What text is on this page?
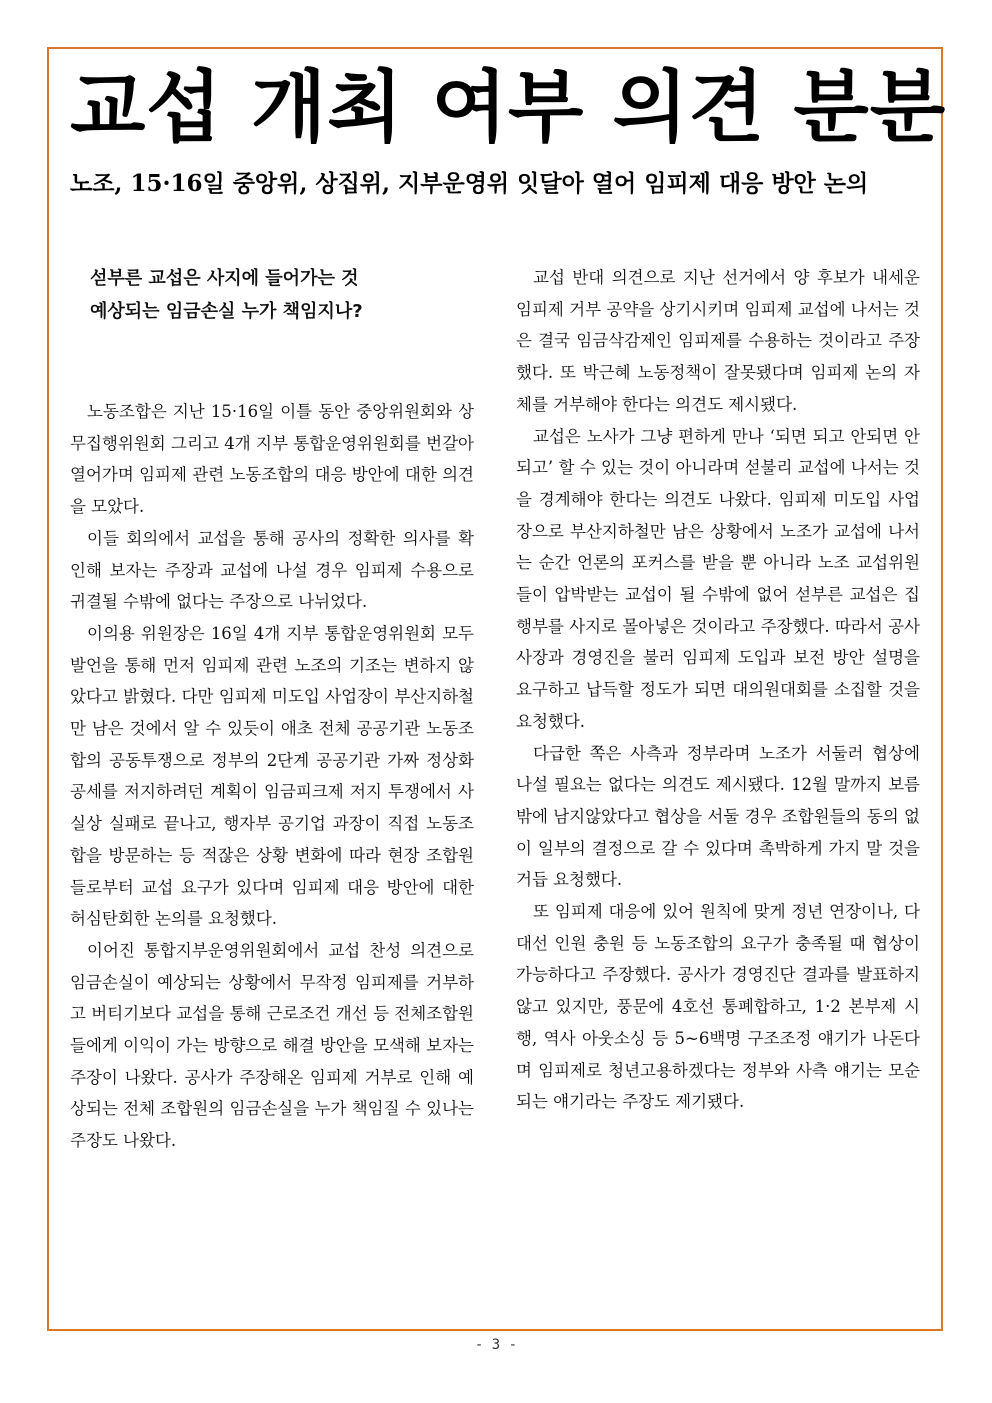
교섭 개최 여부 의견 분분
노조, 15·16일 중앙위, 상집위, 지부운영위 잇달아 열어 임피제 대응 방안 논의
섣부른 교섭은 사지에 들어가는 것
예상되는 임금손실 누가 책임지나?

노동조합은 지난 15·16일 이틀 동안 중앙위원회와 상무집행위원회 그리고 4개 지부 통합운영위원회를 번갈아 열어가며 임피제 관련 노동조합의 대응 방안에 대한 의견을 모았다.

이들 회의에서 교섭을 통해 공사의 정확한 의사를 확인해 보자는 주장과 교섭에 나설 경우 임피제 수용으로 귀결될 수밖에 없다는 주장으로 나뉘었다.

이의용 위원장은 16일 4개 지부 통합운영위원회 모두 발언을 통해 먼저 임피제 관련 노조의 기조는 변하지 않았다고 밝혔다. 다만 임피제 미도입 사업장이 부산지하철만 남은 것에서 알 수 있듯이 애초 전체 공공기관 노동조합의 공동투쟁으로 정부의 2단계 공공기관 가짜 정상화 공세를 저지하려던 계획이 임금피크제 저지 투쟁에서 사실상 실패로 끝나고, 행자부 공기업 과장이 직접 노동조합을 방문하는 등 적잖은 상황 변화에 따라 현장 조합원들로부터 교섭 요구가 있다며 임피제 대응 방안에 대한 허심탄회한 논의를 요청했다.

이어진 통합지부운영위원회에서 교섭 찬성 의견으로 임금손실이 예상되는 상황에서 무작정 임피제를 거부하고 버티기보다 교섭을 통해 근로조건 개선 등 전체조합원들에게 이익이 가는 방향으로 해결 방안을 모색해 보자는 주장이 나왔다. 공사가 주장해온 임피제 거부로 인해 예상되는 전체 조합원의 임금손실을 누가 책임질 수 있나는 주장도 나왔다.

교섭 반대 의견으로 지난 선거에서 양 후보가 내세운 임피제 거부 공약을 상기시키며 임피제 교섭에 나서는 것은 결국 임금삭감제인 임피제를 수용하는 것이라고 주장했다. 또 박근혜 노동정책이 잘못됐다며 임피제 논의 자체를 거부해야 한다는 의견도 제시됐다.

교섭은 노사가 그냥 편하게 만나 ‘되면 되고 안되면 안되고’ 할 수 있는 것이 아니라며 섣불리 교섭에 나서는 것을 경계해야 한다는 의견도 나왔다. 임피제 미도입 사업장으로 부산지하철만 남은 상황에서 노조가 교섭에 나서는 순간 언론의 포커스를 받을 뿐 아니라 노조 교섭위원들이 압박받는 교섭이 될 수밖에 없어 섣부른 교섭은 집행부를 사지로 몰아넣은 것이라고 주장했다. 따라서 공사 사장과 경영진을 불러 임피제 도입과 보전 방안 설명을 요구하고 납득할 정도가 되면 대의원대회를 소집할 것을 요청했다.

다급한 쪽은 사측과 정부라며 노조가 서둘러 협상에 나설 필요는 없다는 의견도 제시됐다. 12월 말까지 보름밖에 남지않았다고 협상을 서둘 경우 조합원들의 동의 없이 일부의 결정으로 갈 수 있다며 촉박하게 가지 말 것을 거듭 요청했다.

또 임피제 대응에 있어 원칙에 맞게 정년 연장이나, 다대선 인원 충원 등 노동조합의 요구가 충족될 때 협상이 가능하다고 주장했다. 공사가 경영진단 결과를 발표하지 않고 있지만, 풍문에 4호선 통폐합하고, 1·2 본부제 시행, 역사 아웃소싱 등 5~6백명 구조조정 얘기가 나돈다며 임피제로 청년고용하겠다는 정부와 사측 얘기는 모순되는 얘기라는 주장도 제기됐다.

- 3 -
